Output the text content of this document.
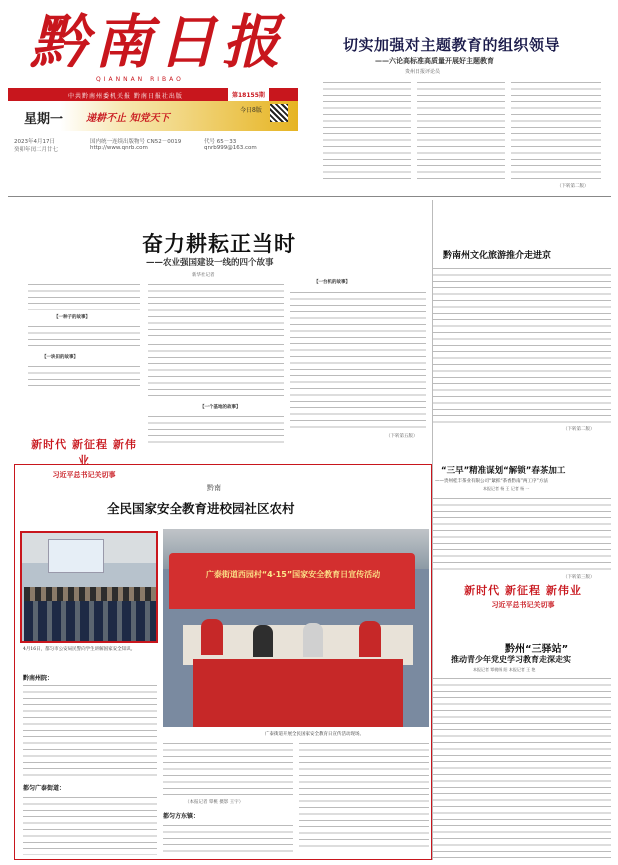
黔南日报
QIANNAN RIBAO
中共黔南州委机关报 黔南日报社出版	第18155期
星期一 递耕不止 知党天下
今日8版
2023年4月17日
癸卯年闰二月廿七
国内统一连续出版物号 CN52－0019	代号 65－33
http://www.qnrb.com	qnrb999@163.com
切实加强对主题教育的组织领导
——六论高标准高质量开展好主题教育
贵州日报评论员
（下转第二版）
奋力耕耘正当时
——农业强国建设一线的四个故事
新华社记者
【一种子的故事】
【一块田的故事】
新时代 新征程 新伟业
习近平总书记关切事
【一个基地的故事】
【一台机的故事】
（下转第五版）
黔南州文化旅游推介走进京
（下转第二版）
“三早”精准谋划“解锁”春茶加工
——贵州桂丰茶业有限公司“紧抓“茶香黔南”两工序”方法
本报记者 杨 王 记者 杨 一
（下转第三版）
新时代 新征程 新伟业
习近平总书记关切事
黔州“三驿站”
推动青少年党史学习教育走深走实
本报记者 覃桃绒 阳 本报记者 王 艳
黔南
全民国家安全教育进校园社区农村
4月16日，都匀市公安局民警向学生讲解国家安全知识。
黔南州院：
都匀广泰街道：
广泰街道西园村“4·15”国家安全教育日宣传活动
广泰街道开展全民国家安全教育日宣传活动现场。
（本报记者 覃桃 摄影 王宇）
都匀方东镇：
